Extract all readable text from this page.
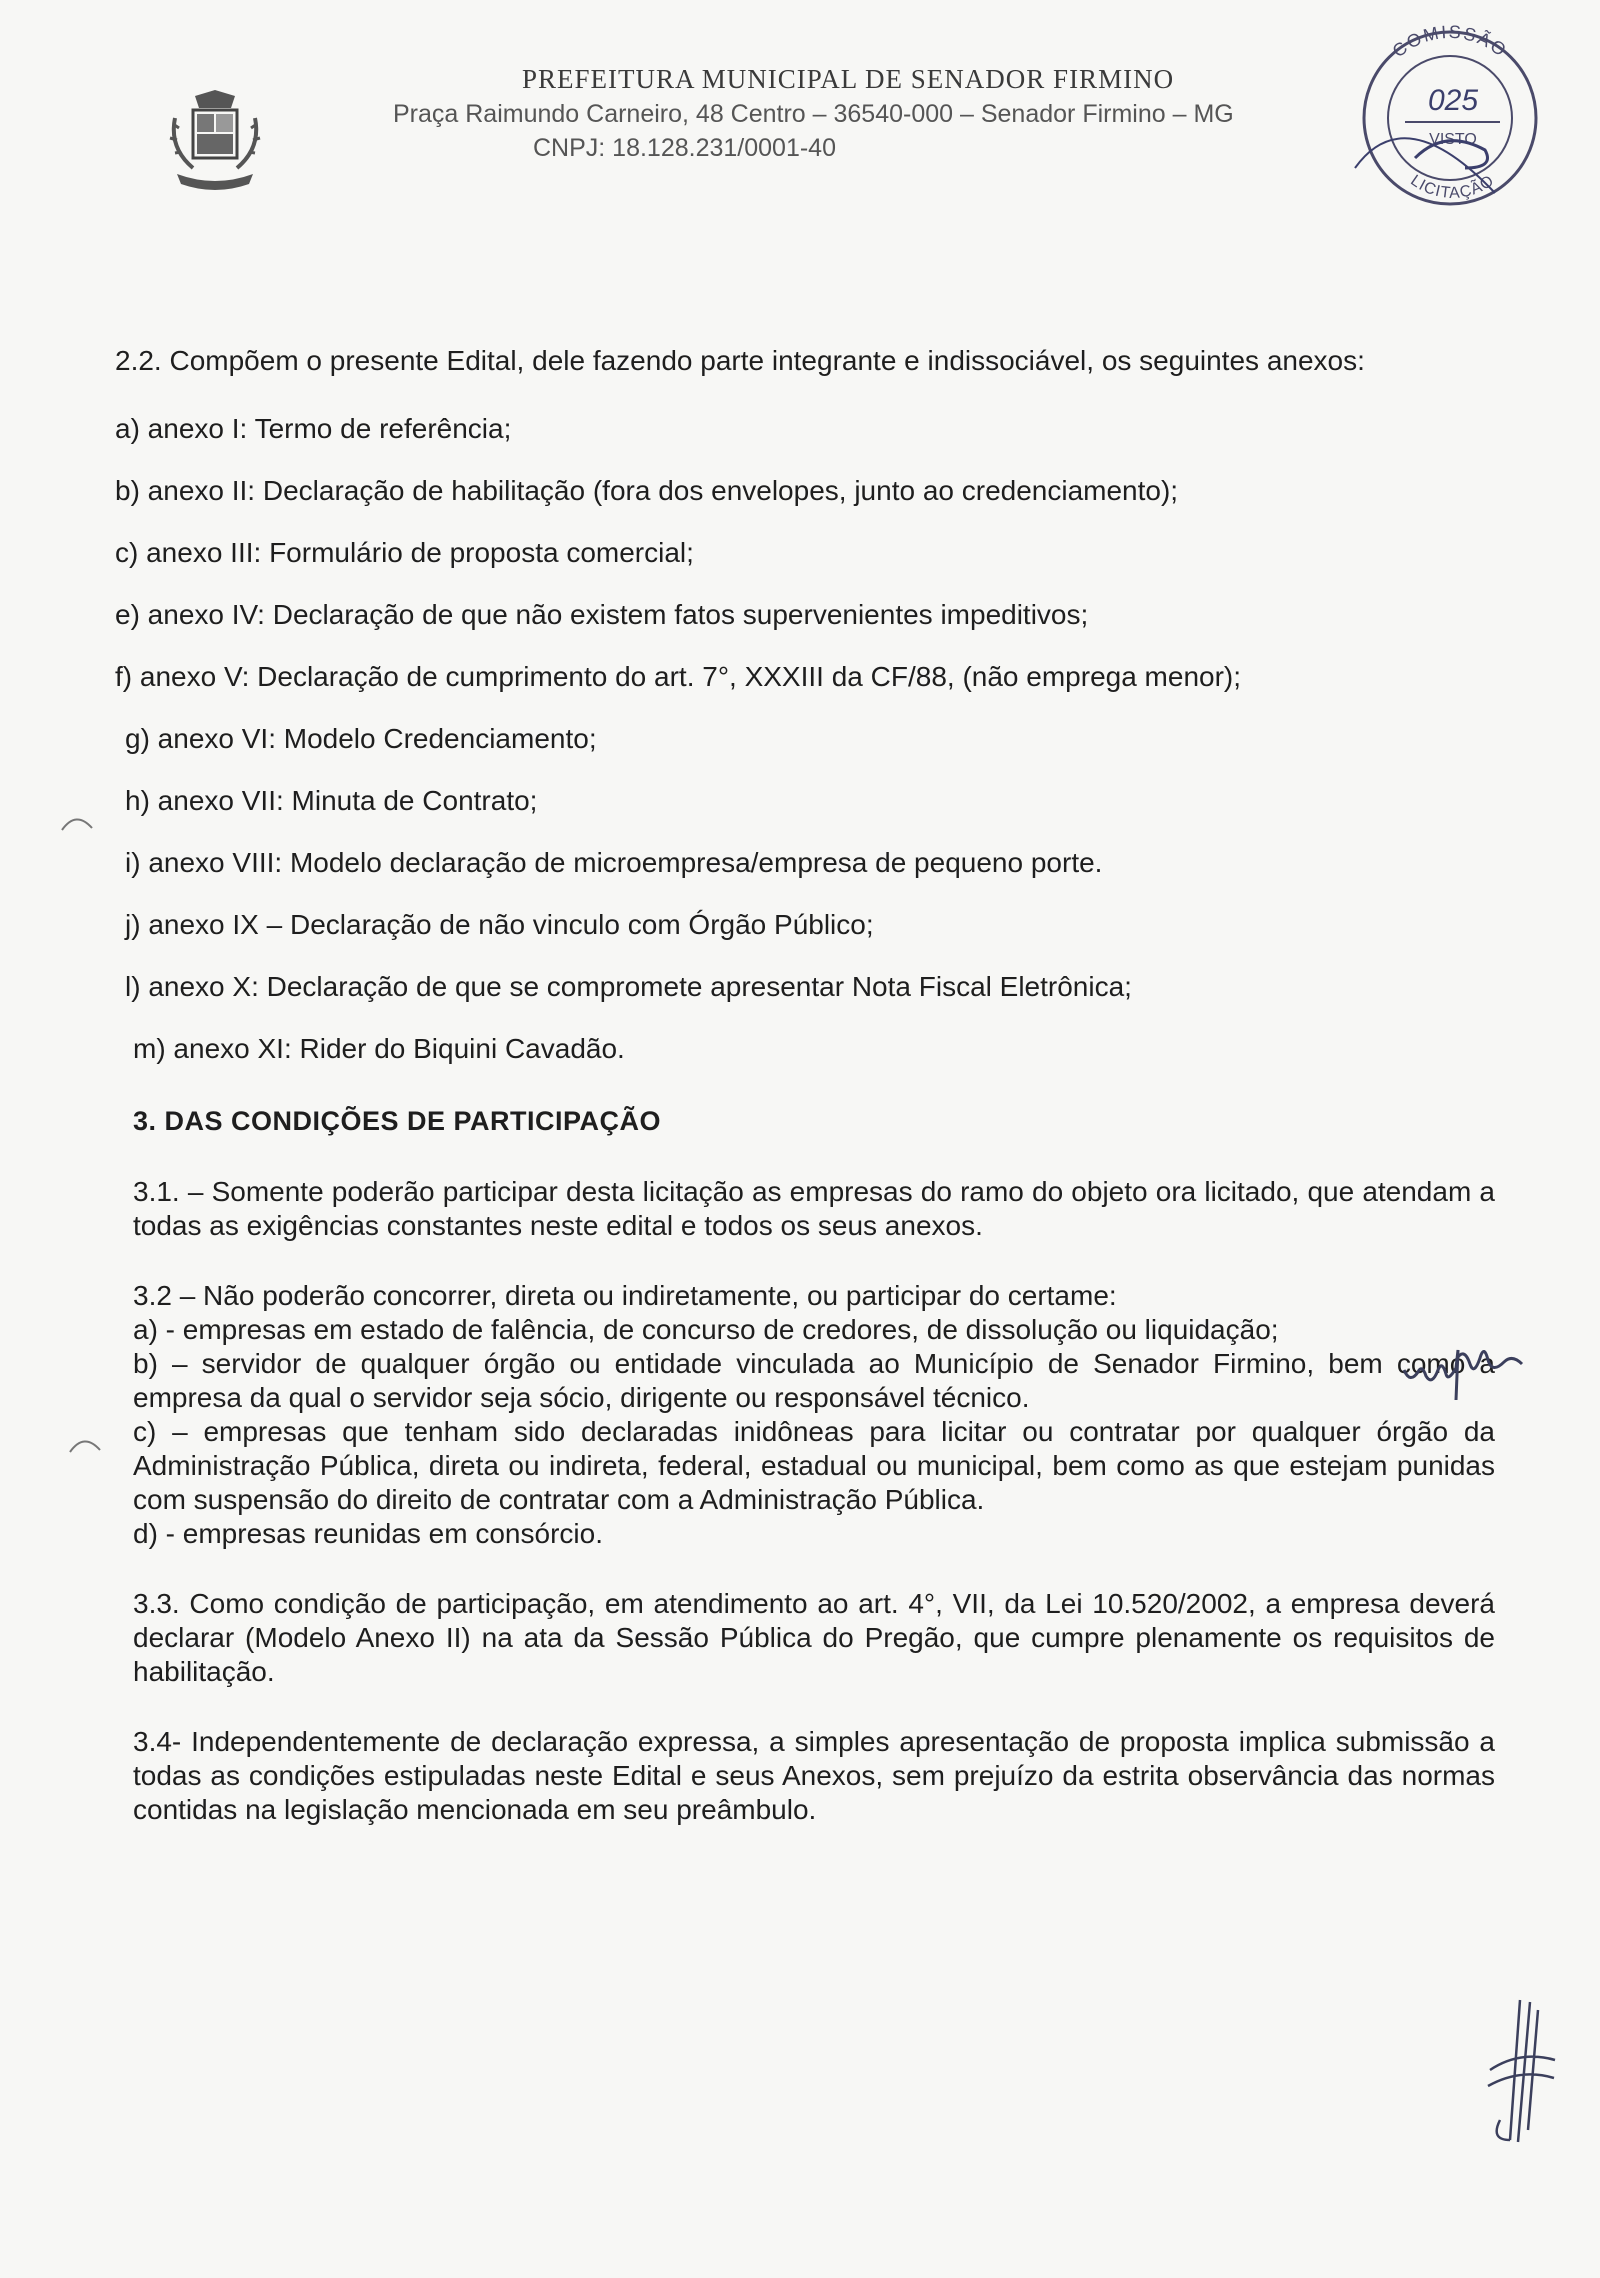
PREFEITURA MUNICIPAL DE SENADOR FIRMINO
Praça Raimundo Carneiro, 48 Centro – 36540-000 – Senador Firmino – MG
CNPJ: 18.128.231/0001-40
COMISSÃO
025
VISTO
LICITAÇÃO

2.2. Compõem o presente Edital, dele fazendo parte integrante e indissociável, os seguintes anexos:

a) anexo I: Termo de referência;

b) anexo II: Declaração de habilitação (fora dos envelopes, junto ao credenciamento);

c) anexo III: Formulário de proposta comercial;

e) anexo IV: Declaração de que não existem fatos supervenientes impeditivos;

f) anexo V: Declaração de cumprimento do art. 7°, XXXIII da CF/88, (não emprega menor);

g) anexo VI: Modelo Credenciamento;

h) anexo VII: Minuta de Contrato;

i) anexo VIII: Modelo declaração de microempresa/empresa de pequeno porte.

j) anexo IX – Declaração de não vinculo com Órgão Público;

l) anexo X: Declaração de que se compromete apresentar Nota Fiscal Eletrônica;

m) anexo XI: Rider do Biquini Cavadão.

3. DAS CONDIÇÕES DE PARTICIPAÇÃO

3.1. – Somente poderão participar desta licitação as empresas do ramo do objeto ora licitado, que atendam a todas as exigências constantes neste edital e todos os seus anexos.

3.2 – Não poderão concorrer, direta ou indiretamente, ou participar do certame:

a) - empresas em estado de falência, de concurso de credores, de dissolução ou liquidação;

b) – servidor de qualquer órgão ou entidade vinculada ao Município de Senador Firmino, bem como a empresa da qual o servidor seja sócio, dirigente ou responsável técnico.

c) – empresas que tenham sido declaradas inidôneas para licitar ou contratar por qualquer órgão da Administração Pública, direta ou indireta, federal, estadual ou municipal, bem como as que estejam punidas com suspensão do direito de contratar com a Administração Pública.

d) - empresas reunidas em consórcio.

3.3. Como condição de participação, em atendimento ao art. 4°, VII, da Lei 10.520/2002, a empresa deverá declarar (Modelo Anexo II) na ata da Sessão Pública do Pregão, que cumpre plenamente os requisitos de habilitação.

3.4- Independentemente de declaração expressa, a simples apresentação de proposta implica submissão a todas as condições estipuladas neste Edital e seus Anexos, sem prejuízo da estrita observância das normas contidas na legislação mencionada em seu preâmbulo.
